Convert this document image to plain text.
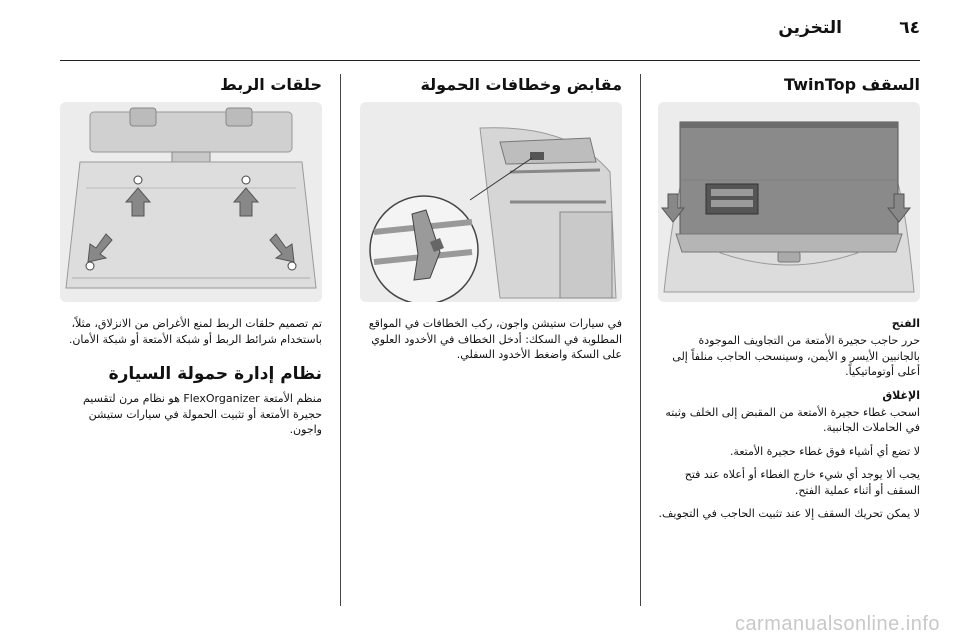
التخزين	٦٤
السقف TwinTop
الفتح

حرر حاجب حجيرة الأمتعة من التجاويف الموجودة بالجانبين الأيسر و الأيمن، وسينسحب الحاجب منلفاً إلى أعلى أوتوماتيكياً.

الإغلاق

اسحب غطاء حجيرة الأمتعة من المقبض إلى الخلف وثبته في الحاملات الجانبية.

لا تضع أي أشياء فوق غطاء حجيرة الأمتعة.

يجب ألا يوجد أي شيء خارج الغطاء أو أعلاه عند فتح السقف أو أثناء عملية الفتح.

لا يمكن تحريك السقف إلا عند تثبيت الحاجب في التجويف.

مقابض وخطافات الحمولة

في سيارات ستيشن واجون، ركب الخطافات في المواقع المطلوبة في السكك: أدخل الخطاف في الأخدود العلوي على السكة واضغط الأخدود السفلي.

حلقات الربط

تم تصميم حلقات الربط لمنع الأغراض من الانزلاق، مثلاً، باستخدام شرائط الربط أو شبكة الأمتعة أو شبكة الأمان.

نظام إدارة حمولة السيارة

منظم الأمتعة FlexOrganizer هو نظام مرن لتقسيم حجيرة الأمتعة أو تثبيت الحمولة في سيارات ستيشن واجون.

carmanualsonline.info
